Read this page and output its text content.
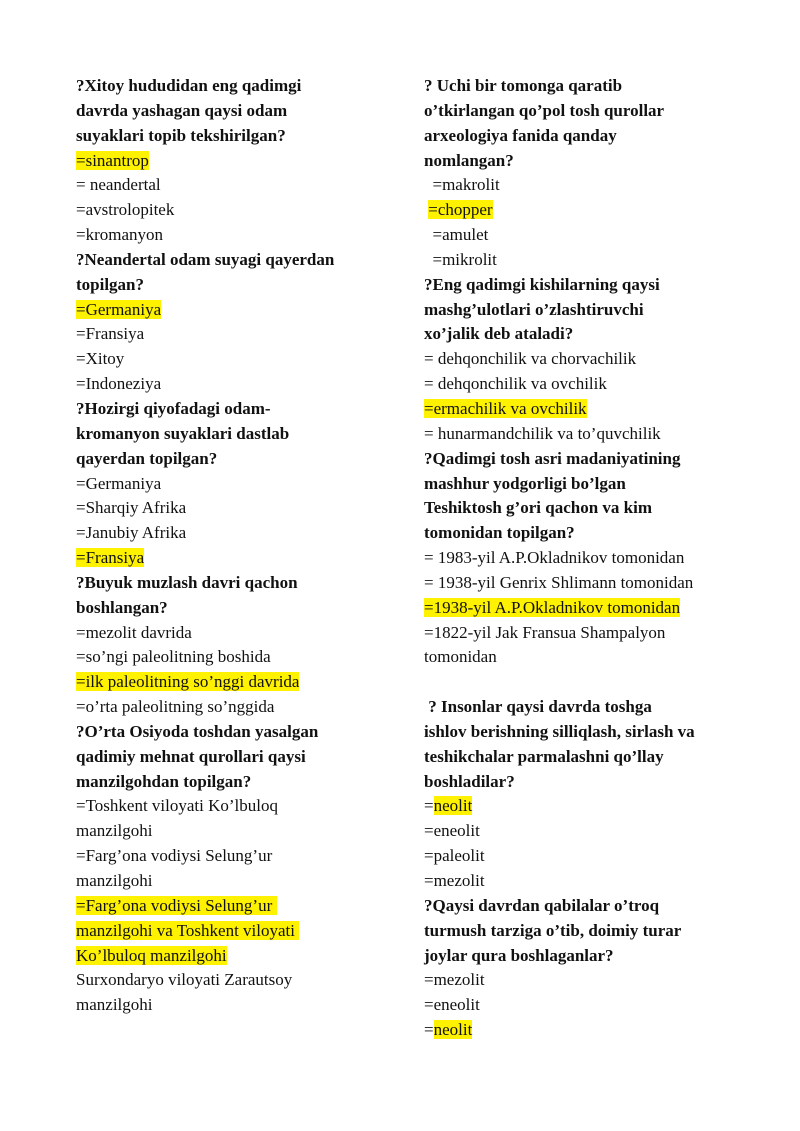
?Xitoy hududidan eng qadimgi
davrda yashagan qaysi odam
suyaklari topib tekshirilgan?
=sinantrop
= neandertal
=avstrolopitek
=kromanyon
?Neandertal odam suyagi qayerdan
topilgan?
=Germaniya
=Fransiya
=Xitoy
=Indoneziya
?Hozirgi qiyofadagi odam-
kromanyon suyaklari dastlab
qayerdan topilgan?
=Germaniya
=Sharqiy Afrika
=Janubiy Afrika
=Fransiya
?Buyuk muzlash davri qachon
boshlangan?
=mezolit davrida
=so’ngi paleolitning boshida
=ilk paleolitning so’nggi davrida
=o’rta paleolitning so’nggida
?O’rta Osiyoda toshdan yasalgan
qadimiy mehnat qurollari qaysi
manzilgohdan topilgan?
=Toshkent viloyati Ko’lbuloq
manzilgohi
=Farg’ona vodiysi Selung’ur
manzilgohi
=Farg’ona vodiysi Selung’ur
manzilgohi va Toshkent viloyati
Ko’lbuloq manzilgohi
Surxondaryo viloyati Zarautsoy
manzilgohi
? Uchi bir tomonga qaratib
o’tkirlangan qo’pol tosh qurollar
arxeologiya fanida qanday
nomlangan?
=makrolit
=chopper
=amulet
=mikrolit
?Eng qadimgi kishilarning qaysi
mashg’ulotlari o’zlashtiruvchi
xo’jalik deb ataladi?
= dehqonchilik va chorvachilik
= dehqonchilik va ovchilik
=ermachilik va ovchilik
= hunarmandchilik va to’quvchilik
?Qadimgi tosh asri madaniyatining
mashhur yodgorligi bo’lgan
Teshiktosh g’ori qachon va kim
tomonidan topilgan?
= 1983-yil A.P.Okladnikov tomonidan
= 1938-yil Genrix Shlimann tomonidan
=1938-yil A.P.Okladnikov tomonidan
=1822-yil Jak Fransua Shampalyon
tomonidan
? Insonlar qaysi davrda toshga
ishlov berishning silliqlash, sirlash va
teshikchalar parmalashni qo’llay
boshladilar?
=neolit
=eneolit
=paleolit
=mezolit
?Qaysi davrdan qabilalar o’troq
turmush tarziga o’tib, doimiy turar
joylar qura boshlaganlar?
=mezolit
=eneolit
=neolit
